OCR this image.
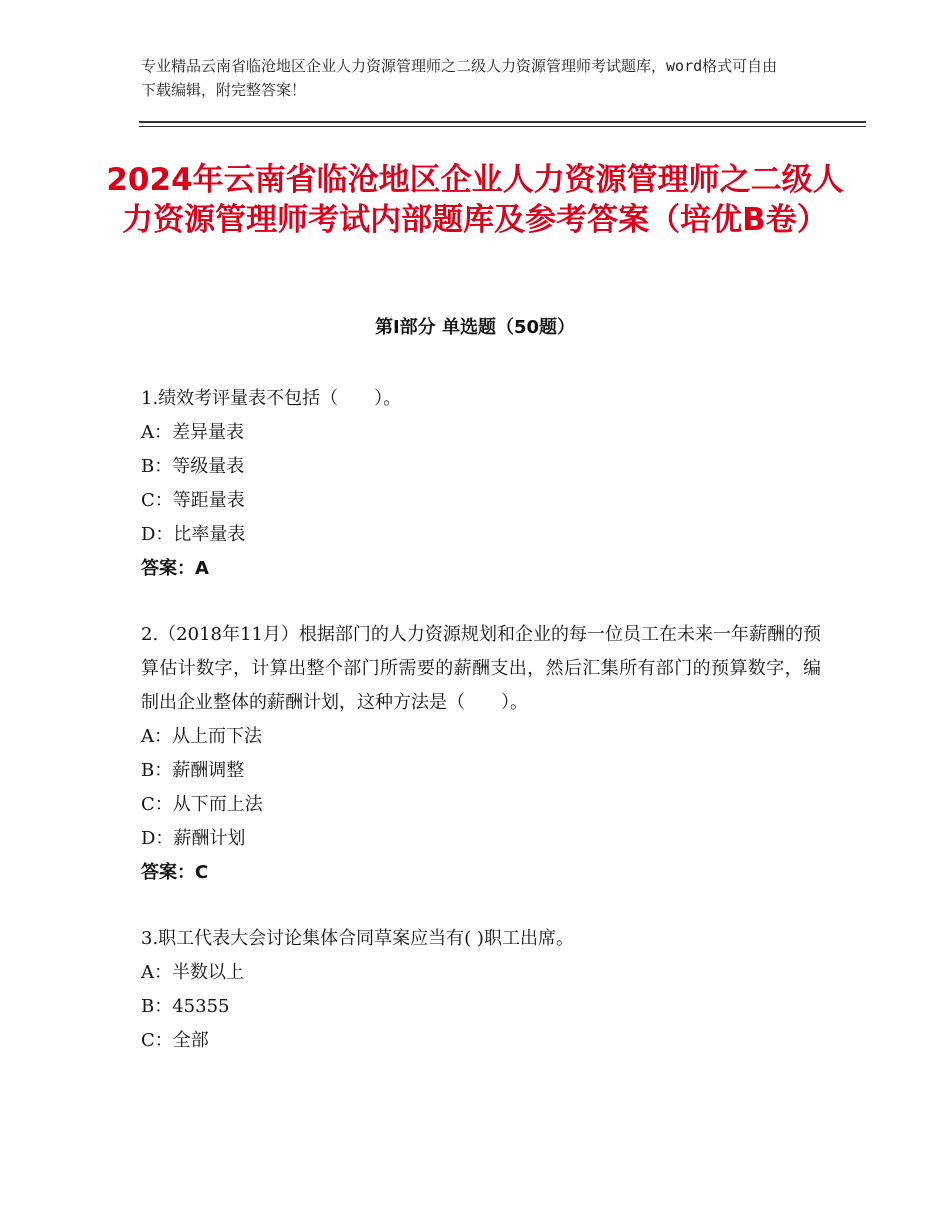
专业精品云南省临沧地区企业人力资源管理师之二级人力资源管理师考试题库，word格式可自由下载编辑，附完整答案！
2024年云南省临沧地区企业人力资源管理师之二级人力资源管理师考试内部题库及参考答案（培优B卷）
第Ⅰ部分 单选题（50题）
1.绩效考评量表不包括（　　）。
A：差异量表
B：等级量表
C：等距量表
D：比率量表
答案：A
2.（2018年11月）根据部门的人力资源规划和企业的每一位员工在未来一年薪酬的预算估计数字，计算出整个部门所需要的薪酬支出，然后汇集所有部门的预算数字，编制出企业整体的薪酬计划，这种方法是（　　）。
A：从上而下法
B：薪酬调整
C：从下而上法
D：薪酬计划
答案：C
3.职工代表大会讨论集体合同草案应当有( )职工出席。
A：半数以上
B：45355
C：全部
